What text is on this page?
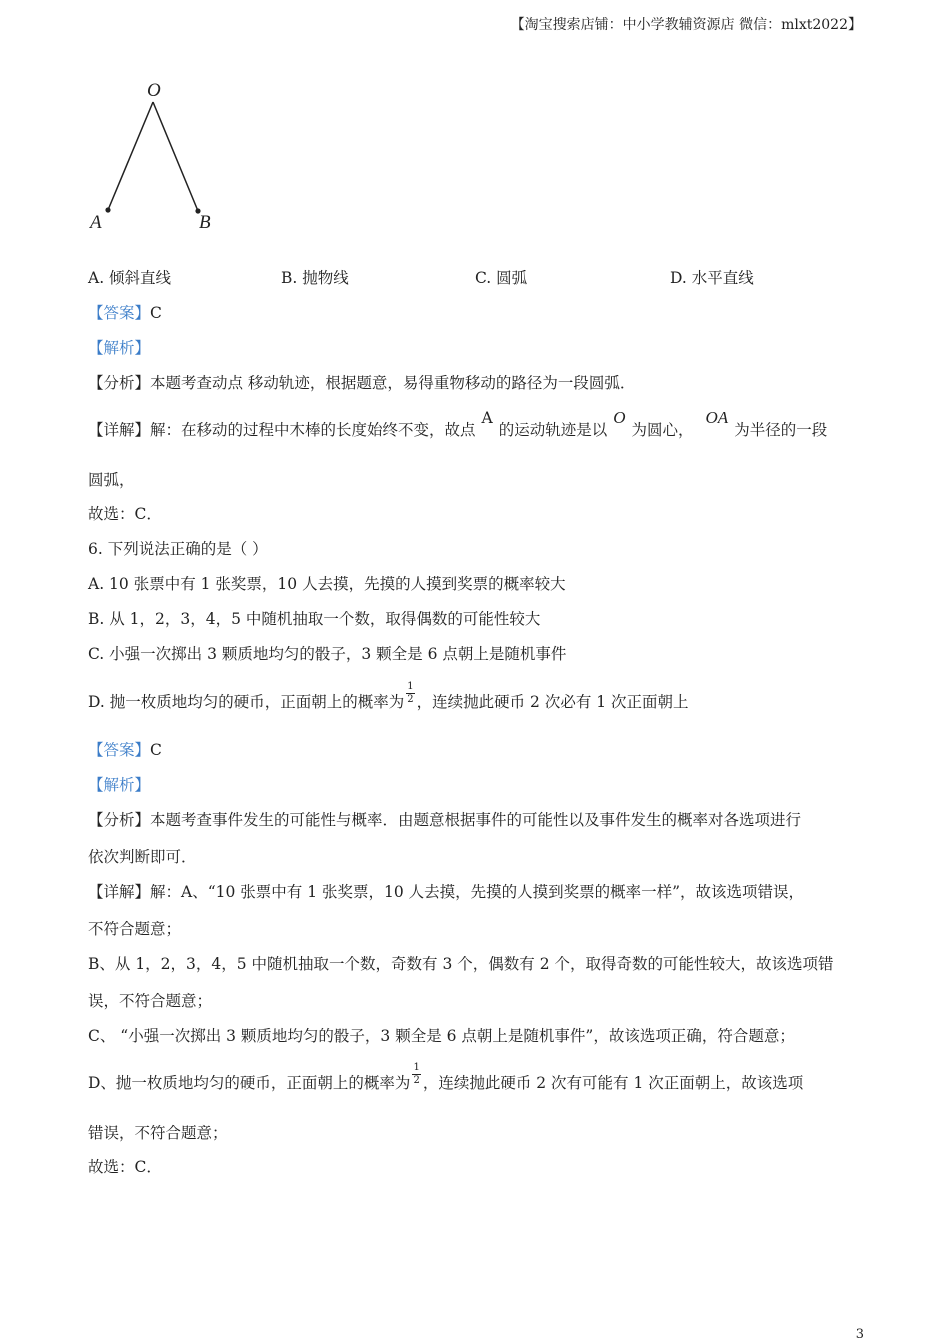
【淘宝搜索店铺：中小学教辅资源店 微信：mlxt2022】
O
A	B
A. 倾斜直线	B. 抛物线	C. 圆弧	D. 水平直线
【答案】C
【解析】
【分析】本题考查动点 移动轨迹，根据题意，易得重物移动的路径为一段圆弧．
【详解】解：在移动的过程中木棒的长度始终不变，故点A的运动轨迹是以O为圆心，OA为半径的一段
圆弧，
故选：C．
6. 下列说法正确的是（ ）
A. 10 张票中有 1 张奖票，10 人去摸，先摸的人摸到奖票的概率较大
B. 从 1，2，3，4，5 中随机抽取一个数，取得偶数的可能性较大
C. 小强一次掷出 3 颗质地均匀的骰子，3 颗全是 6 点朝上是随机事件
D. 抛一枚质地均匀的硬币，正面朝上的概率为 $\frac{1}{2}$ ，连续抛此硬币 2 次必有 1 次正面朝上
【答案】C
【解析】
【分析】本题考查事件发生的可能性与概率．由题意根据事件的可能性以及事件发生的概率对各选项进行
依次判断即可．
【详解】解：A、“10 张票中有 1 张奖票，10 人去摸，先摸的人摸到奖票的概率一样”，故该选项错误，
不符合题意；
B、从 1，2，3，4，5 中随机抽取一个数，奇数有 3 个，偶数有 2 个，取得奇数的可能性较大，故该选项错
误，不符合题意；
C、 “小强一次掷出 3 颗质地均匀的骰子，3 颗全是 6 点朝上是随机事件”，故该选项正确，符合题意；
D、抛一枚质地均匀的硬币，正面朝上的概率为 $\frac{1}{2}$ ，连续抛此硬币 2 次有可能有 1 次正面朝上，故该选项
错误，不符合题意；
故选：C．
3
